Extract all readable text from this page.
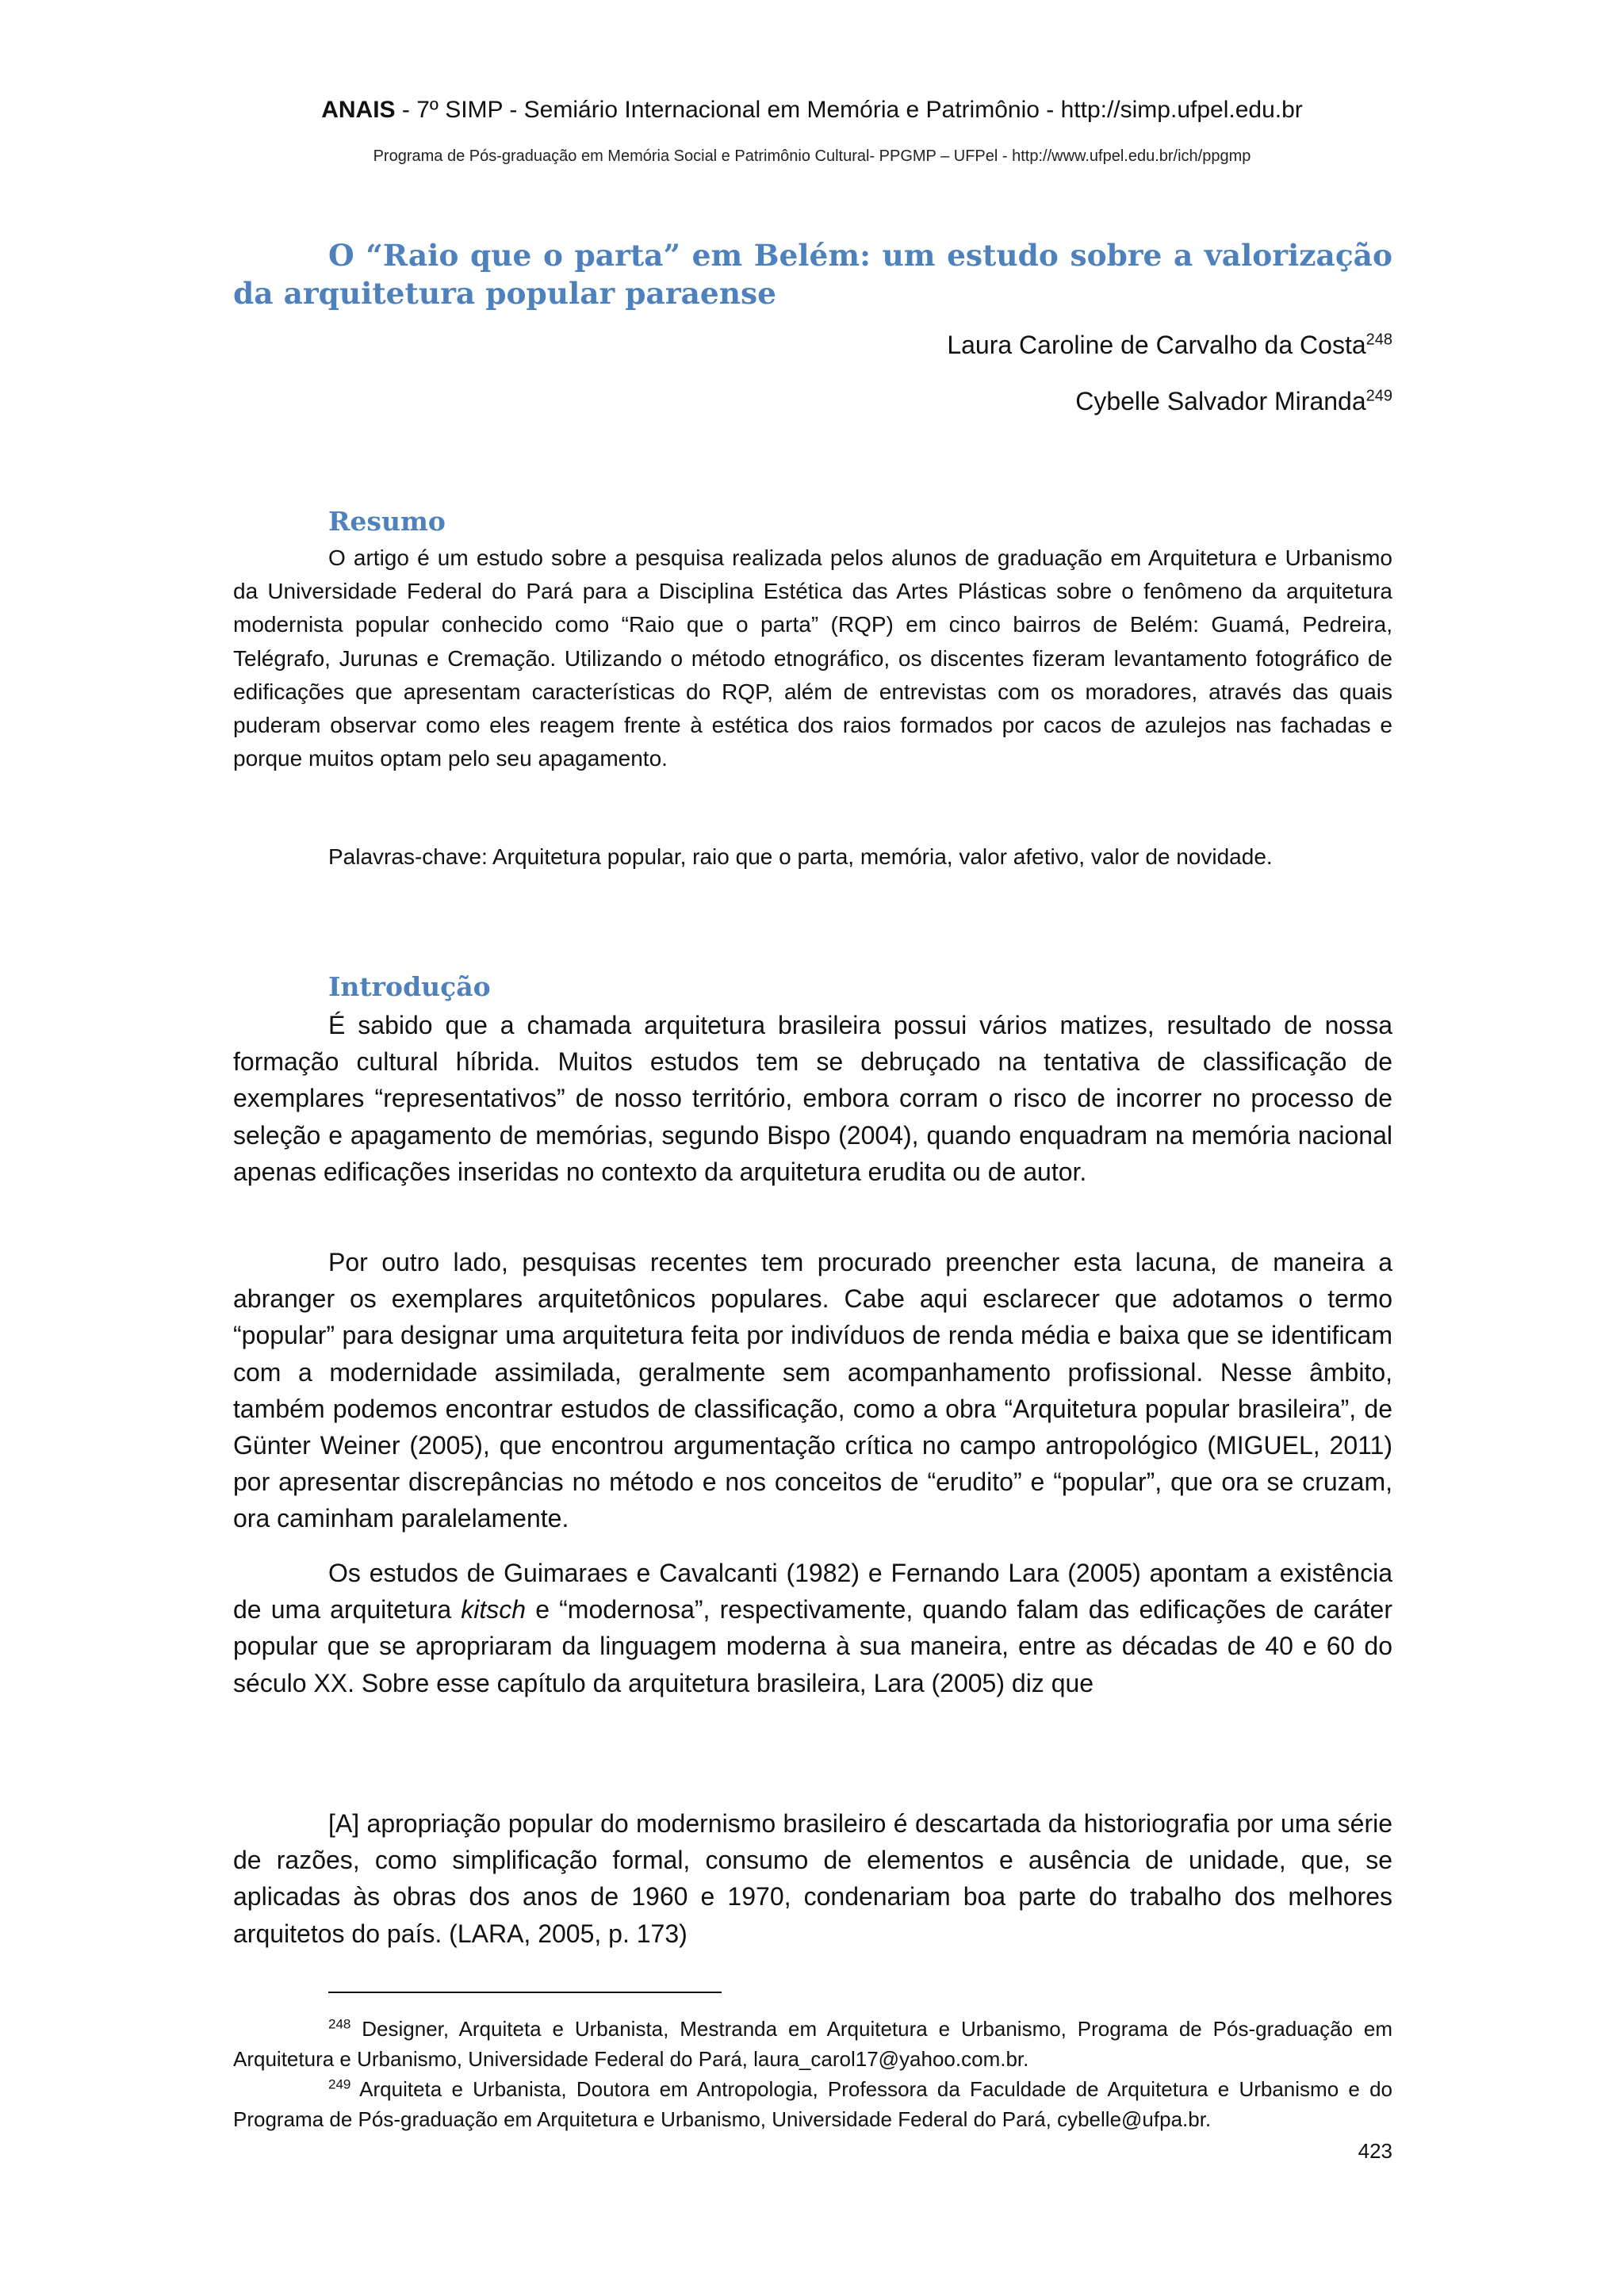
ANAIS - 7º SIMP - Semiário Internacional em Memória e Patrimônio - http://simp.ufpel.edu.br
Programa de Pós-graduação em Memória Social e Patrimônio Cultural- PPGMP – UFPel - http://www.ufpel.edu.br/ich/ppgmp
O “Raio que o parta” em Belém: um estudo sobre a valorização da arquitetura popular paraense
Laura Caroline de Carvalho da Costa$^{248}$
Cybelle Salvador Miranda$^{249}$
Resumo
O artigo é um estudo sobre a pesquisa realizada pelos alunos de graduação em Arquitetura e Urbanismo da Universidade Federal do Pará para a Disciplina Estética das Artes Plásticas sobre o fenômeno da arquitetura modernista popular conhecido como “Raio que o parta” (RQP) em cinco bairros de Belém: Guamá, Pedreira, Telégrafo, Jurunas e Cremação. Utilizando o método etnográfico, os discentes fizeram levantamento fotográfico de edificações que apresentam características do RQP, além de entrevistas com os moradores, através das quais puderam observar como eles reagem frente à estética dos raios formados por cacos de azulejos nas fachadas e porque muitos optam pelo seu apagamento.
Palavras-chave: Arquitetura popular, raio que o parta, memória, valor afetivo, valor de novidade.
Introdução
É sabido que a chamada arquitetura brasileira possui vários matizes, resultado de nossa formação cultural híbrida. Muitos estudos tem se debruçado na tentativa de classificação de exemplares “representativos” de nosso território, embora corram o risco de incorrer no processo de seleção e apagamento de memórias, segundo Bispo (2004), quando enquadram na memória nacional apenas edificações inseridas no contexto da arquitetura erudita ou de autor.
Por outro lado, pesquisas recentes tem procurado preencher esta lacuna, de maneira a abranger os exemplares arquitetônicos populares. Cabe aqui esclarecer que adotamos o termo “popular” para designar uma arquitetura feita por indivíduos de renda média e baixa que se identificam com a modernidade assimilada, geralmente sem acompanhamento profissional. Nesse âmbito, também podemos encontrar estudos de classificação, como a obra “Arquitetura popular brasileira”, de Günter Weiner (2005), que encontrou argumentação crítica no campo antropológico (MIGUEL, 2011) por apresentar discrepâncias no método e nos conceitos de “erudito” e “popular”, que ora se cruzam, ora caminham paralelamente.
Os estudos de Guimaraes e Cavalcanti (1982) e Fernando Lara (2005) apontam a existência de uma arquitetura kitsch e “modernosa”, respectivamente, quando falam das edificações de caráter popular que se apropriaram da linguagem moderna à sua maneira, entre as décadas de 40 e 60 do século XX. Sobre esse capítulo da arquitetura brasileira, Lara (2005) diz que
[A] apropriação popular do modernismo brasileiro é descartada da historiografia por uma série de razões, como simplificação formal, consumo de elementos e ausência de unidade, que, se aplicadas às obras dos anos de 1960 e 1970, condenariam boa parte do trabalho dos melhores arquitetos do país. (LARA, 2005, p. 173)

$^{248}$ Designer, Arquiteta e Urbanista, Mestranda em Arquitetura e Urbanismo, Programa de Pós-graduação em Arquitetura e Urbanismo, Universidade Federal do Pará, laura_carol17@yahoo.com.br.

$^{249}$ Arquiteta e Urbanista, Doutora em Antropologia, Professora da Faculdade de Arquitetura e Urbanismo e do Programa de Pós-graduação em Arquitetura e Urbanismo, Universidade Federal do Pará, cybelle@ufpa.br.

423
